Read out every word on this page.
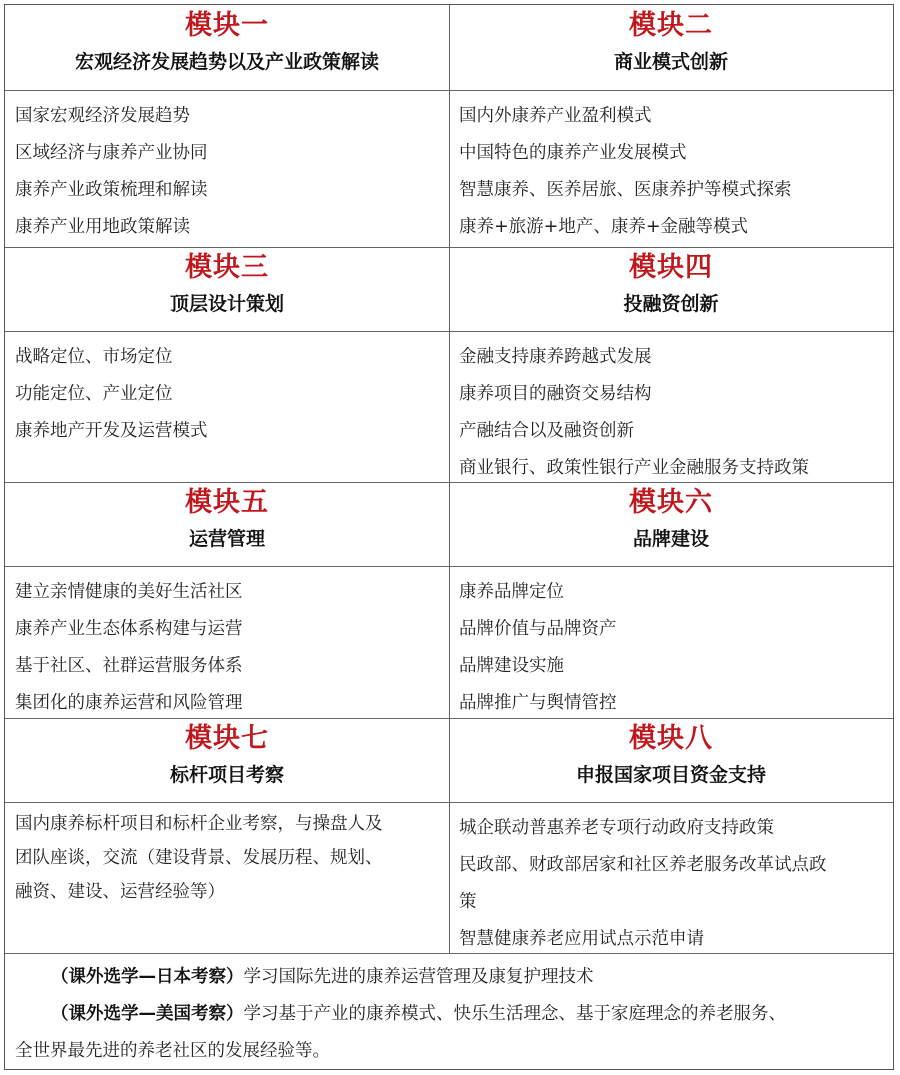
模块一
宏观经济发展趋势以及产业政策解读
国家宏观经济发展趋势
区域经济与康养产业协同
康养产业政策梳理和解读
康养产业用地政策解读
模块二
商业模式创新
国内外康养产业盈利模式
中国特色的康养产业发展模式
智慧康养、医养居旅、医康养护等模式探索
康养+旅游+地产、康养+金融等模式
模块三
顶层设计策划
战略定位、市场定位
功能定位、产业定位
康养地产开发及运营模式
模块四
投融资创新
金融支持康养跨越式发展
康养项目的融资交易结构
产融结合以及融资创新
商业银行、政策性银行产业金融服务支持政策
模块五
运营管理
建立亲情健康的美好生活社区
康养产业生态体系构建与运营
基于社区、社群运营服务体系
集团化的康养运营和风险管理
模块六
品牌建设
康养品牌定位
品牌价值与品牌资产
品牌建设实施
品牌推广与舆情管控
模块七
标杆项目考察
国内康养标杆项目和标杆企业考察，与操盘人及
团队座谈，交流（建设背景、发展历程、规划、
融资、建设、运营经验等）
模块八
申报国家项目资金支持
城企联动普惠养老专项行动政府支持政策
民政部、财政部居家和社区养老服务改革试点政
策
智慧健康养老应用试点示范申请
（课外选学—日本考察）学习国际先进的康养运营管理及康复护理技术
（课外选学—美国考察）学习基于产业的康养模式、快乐生活理念、基于家庭理念的养老服务、
全世界最先进的养老社区的发展经验等。
